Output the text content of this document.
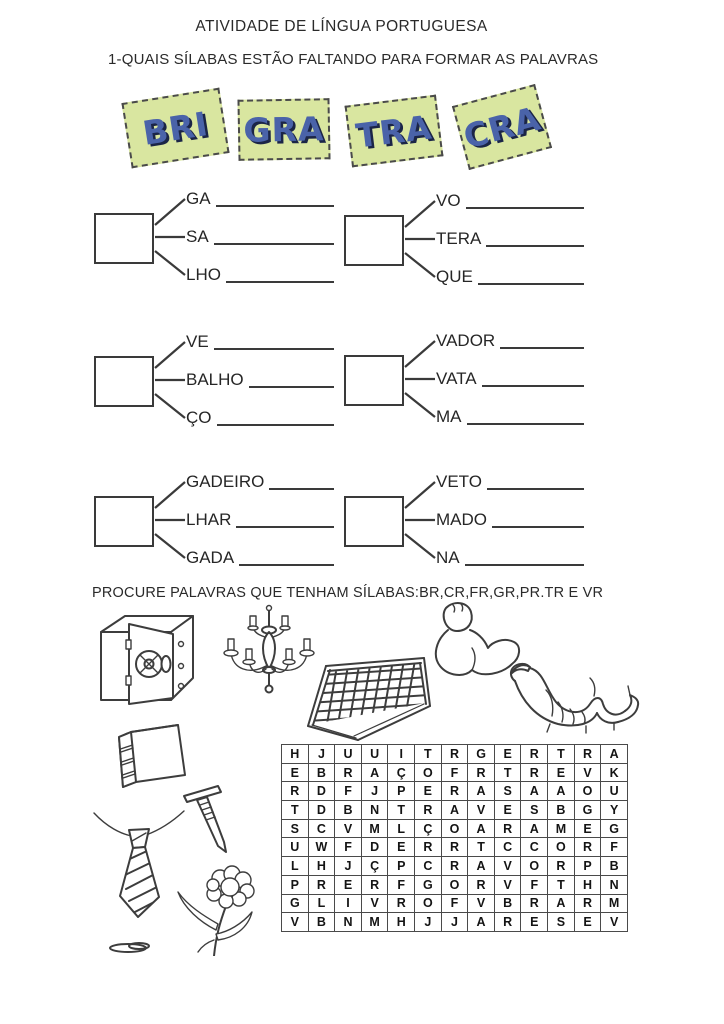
ATIVIDADE DE LÍNGUA PORTUGUESA
1-QUAIS SÍLABAS ESTÃO FALTANDO PARA FORMAR AS PALAVRAS
PROCURE PALAVRAS QUE TENHAM SÍLABAS:BR,CR,FR,GR,PR.TR E VR
BRI GRA TRA CRA
GA
SA
LHO
VO
TERA
QUE
VE
BALHO
ÇO
VADOR
VATA
MA
GADEIRO
LHAR
GADA
VETO
MADO
NA
H	J	U	U	I	T	R	G	E	R	T	R	A
E	B	R	A	Ç	O	F	R	T	R	E	V	K
R	D	F	J	P	E	R	A	S	A	A	O	U
T	D	B	N	T	R	A	V	E	S	B	G	Y
S	C	V	M	L	Ç	O	A	R	A	M	E	G
U	W	F	D	E	R	R	T	C	C	O	R	F
L	H	J	Ç	P	C	R	A	V	O	R	P	B
P	R	E	R	F	G	O	R	V	F	T	H	N
G	L	I	V	R	O	F	V	B	R	A	R	M
V	B	N	M	H	J	J	A	R	E	S	E	V
